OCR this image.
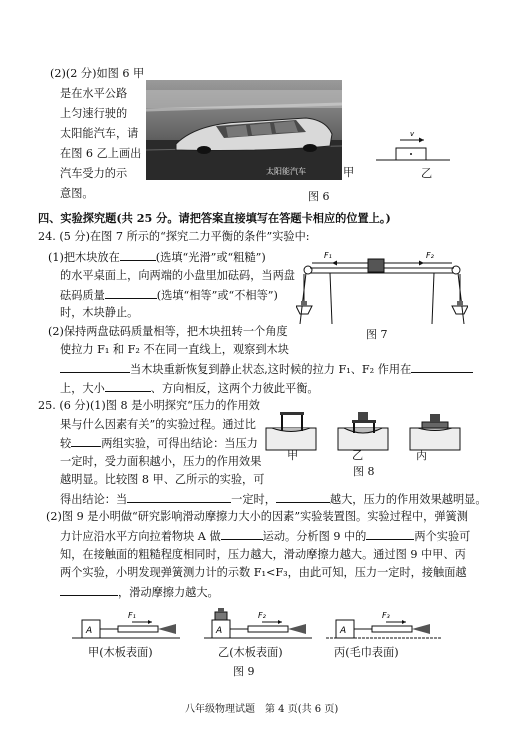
(2)(2 分)如图 6 甲
是在水平公路
上匀速行驶的
太阳能汽车，请
在图 6 乙上画出
汽车受力的示
意图。
太阳能汽车	甲
v
乙
图 6
四、实验探究题(共 25 分。请把答案直接填写在答题卡相应的位置上。)
24. (5 分)在图 7 所示的“探究二力平衡的条件”实验中:
(1)把木块放在	(选填“光滑”或“粗糙”)
的水平桌面上，向两端的小盘里加砝码，当两盘
砝码质量	(选填“相等”或“不相等”)
时，木块静止。
(2)保持两盘砝码质量相等，把木块扭转一个角度
使拉力 F₁ 和 F₂ 不在同一直线上，观察到木块
当木块重新恢复到静止状态,这时候的拉力 F₁、F₂ 作用在
上，大小	、方向相反，这两个力彼此平衡。
F₁	F₂
图 7
25. (6 分)(1)图 8 是小明探究“压力的作用效
果与什么因素有关”的实验过程。通过比
较	两组实验，可得出结论：当压力
一定时，受力面积越小，压力的作用效果
越明显。比较图 8 甲、乙所示的实验，可
得出结论：当	一定时，	越大，压力的作用效果越明显。
甲	乙	丙
图 8
(2)图 9 是小明做“研究影响滑动摩擦力大小的因素”实验装置图。实验过程中，弹簧测
力计应沿水平方向拉着物块 A 做	运动。分析图 9 中的	两个实验可
知，在接触面的粗糙程度相同时，压力越大，滑动摩擦力越大。通过图 9 中甲、丙
两个实验，小明发现弹簧测力计的示数 F₁<F₃，由此可知，压力一定时，接触面越
，滑动摩擦力越大。
A
F₁
A
F₂
A
F₃
甲(木板表面)	乙(木板表面)	丙(毛巾表面)
图 9
八年级物理试题　第 4 页(共 6 页)
